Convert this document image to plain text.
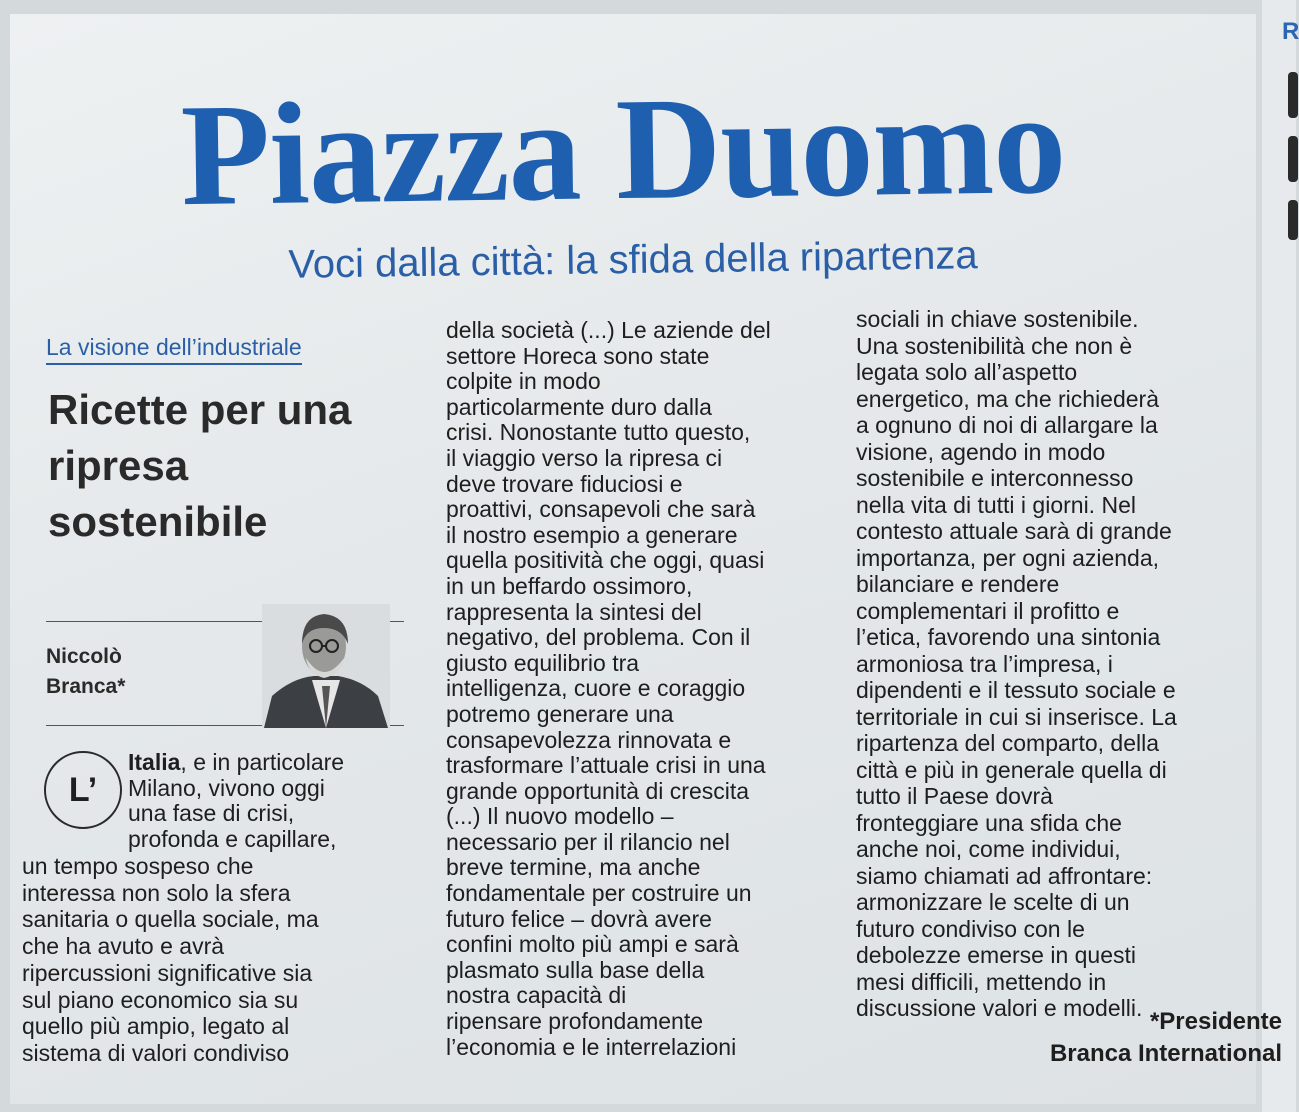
R
Piazza Duomo
Voci dalla città: la sfida della ripartenza
La visione dell’industriale
Ricette per una ripresa sostenibile
Niccolò
Branca*
L’

Italia, e in particolare
Milano, vivono oggi
una fase di crisi,
profonda e capillare,

un tempo sospeso che
interessa non solo la sfera
sanitaria o quella sociale, ma
che ha avuto e avrà
ripercussioni significative sia
sul piano economico sia su
quello più ampio, legato al
sistema di valori condiviso

della società (...) Le aziende del
settore Horeca sono state
colpite in modo
particolarmente duro dalla
crisi. Nonostante tutto questo,
il viaggio verso la ripresa ci
deve trovare fiduciosi e
proattivi, consapevoli che sarà
il nostro esempio a generare
quella positività che oggi, quasi
in un beffardo ossimoro,
rappresenta la sintesi del
negativo, del problema. Con il
giusto equilibrio tra
intelligenza, cuore e coraggio
potremo generare una
consapevolezza rinnovata e
trasformare l’attuale crisi in una
grande opportunità di crescita
(...) Il nuovo modello –
necessario per il rilancio nel
breve termine, ma anche
fondamentale per costruire un
futuro felice – dovrà avere
confini molto più ampi e sarà
plasmato sulla base della
nostra capacità di
ripensare profondamente
l’economia e le interrelazioni

sociali in chiave sostenibile.
Una sostenibilità che non è
legata solo all’aspetto
energetico, ma che richiederà
a ognuno di noi di allargare la
visione, agendo in modo
sostenibile e interconnesso
nella vita di tutti i giorni. Nel
contesto attuale sarà di grande
importanza, per ogni azienda,
bilanciare e rendere
complementari il profitto e
l’etica, favorendo una sintonia
armoniosa tra l’impresa, i
dipendenti e il tessuto sociale e
territoriale in cui si inserisce. La
ripartenza del comparto, della
città e più in generale quella di
tutto il Paese dovrà
fronteggiare una sfida che
anche noi, come individui,
siamo chiamati ad affrontare:
armonizzare le scelte di un
futuro condiviso con le
debolezze emerse in questi
mesi difficili, mettendo in
discussione valori e modelli. *Presidente
Branca International
